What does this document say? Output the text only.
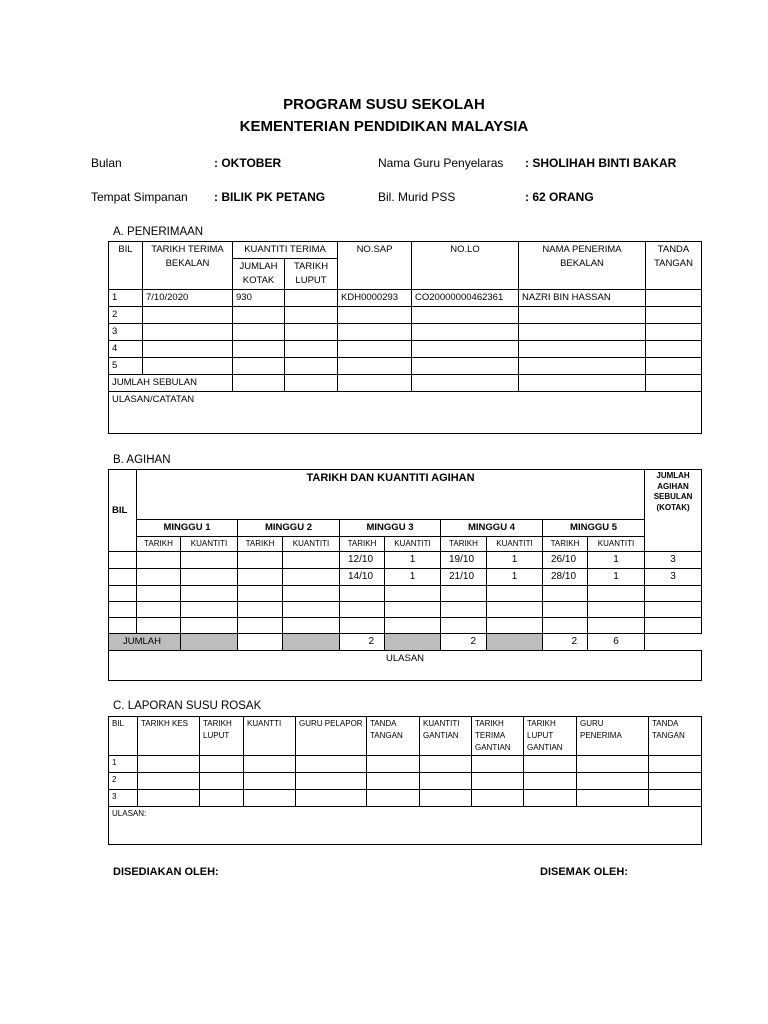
PROGRAM SUSU SEKOLAH
KEMENTERIAN PENDIDIKAN MALAYSIA
Bulan	: OKTOBER	Nama Guru Penyelaras : SHOLIHAH BINTI BAKAR
Tempat Simpanan : BILIK PK PETANG	Bil. Murid PSS	: 62 ORANG
A. PENERIMAAN
BIL	TARIKH TERIMA BEKALAN	KUANTITI TERIMA		NO.SAP	NO.LO	NAMA PENERIMA BEKALAN	TANDA TANGAN
		JUMLAH KOTAK	TARIKH LUPUT				
1	7/10/2020	930		KDH0000293	CO20000000462361	NAZRI BIN HASSAN	
2							
3							
4							
5							
JUMLAH SEBULAN							
ULASAN/CATATAN							
B. AGIHAN
BIL	TARIKH DAN KUANTITI AGIHAN										JUMLAH AGIHAN SEBULAN (KOTAK)
	MINGGU 1		MINGGU 2		MINGGU 3		MINGGU 4		MINGGU 5		
	TARIKH	KUANTITI	TARIKH	KUANTITI	TARIKH	KUANTITI	TARIKH	KUANTITI	TARIKH	KUANTITI	
					12/10	1	19/10	1	26/10	1	3
					14/10	1	21/10	1	28/10	1	3

JUMLAH					2		2		2	6	
ULASAN											
C. LAPORAN SUSU ROSAK
BIL	TARIKH KES	TARIKH LUPUT	KUANTTI	GURU PELAPOR	TANDA TANGAN	KUANTITI GANTIAN	TARIKH TERIMA GANTIAN	TARIKH LUPUT GANTIAN	GURU PENERIMA	TANDA TANGAN
1										
2										
3										
ULASAN:										
DISEDIAKAN OLEH:	DISEMAK OLEH:
